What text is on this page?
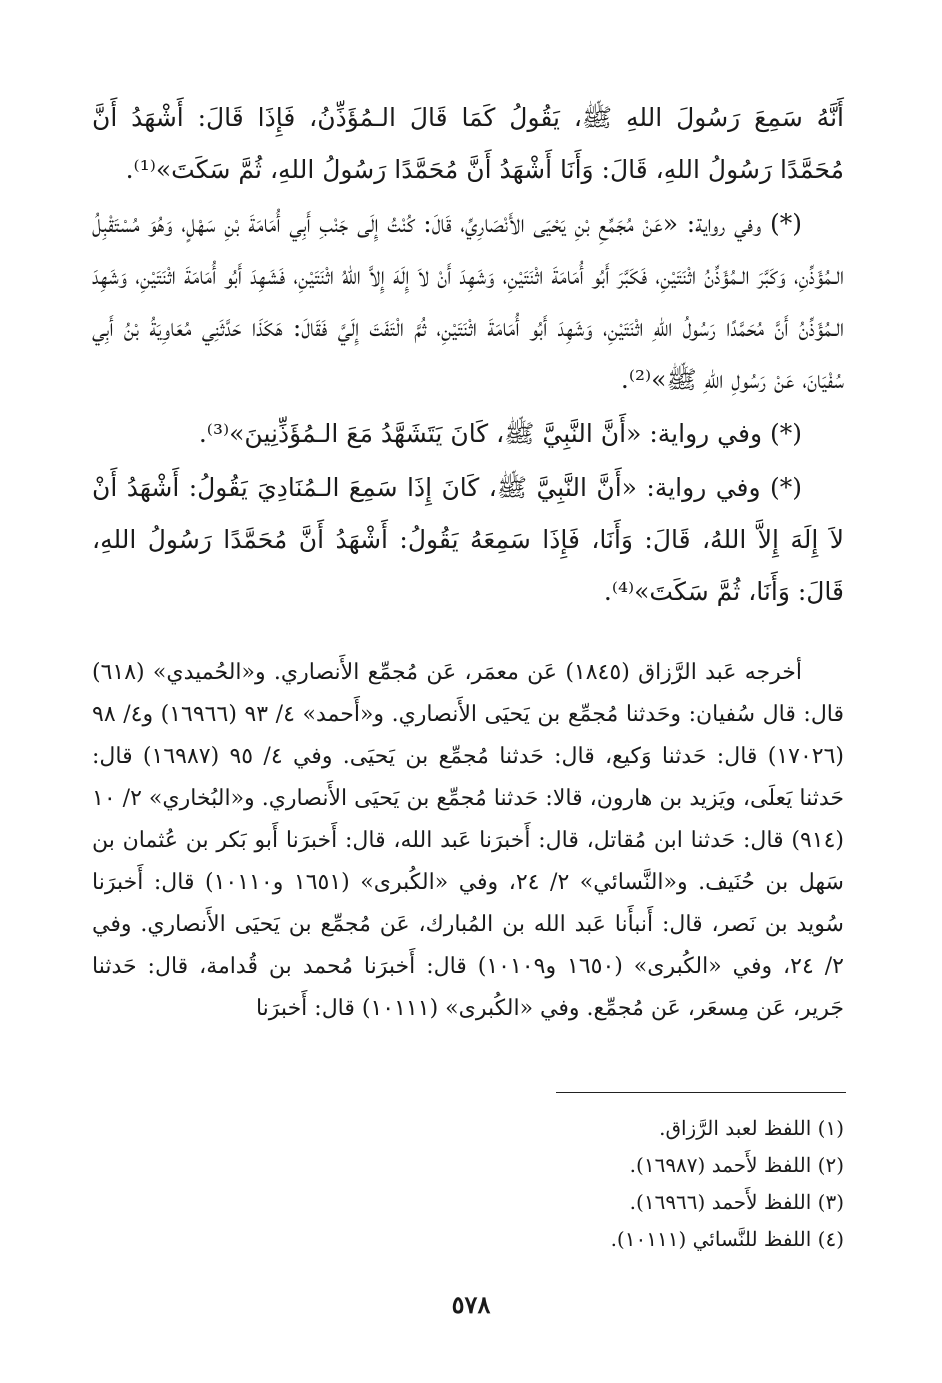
أَنَّهُ سَمِعَ رَسُولَ اللهِ ﷺ، يَقُولُ كَمَا قَالَ الـمُؤَذِّنُ، فَإِذَا قَالَ: أَشْهَدُ أَنَّ مُحَمَّدًا رَسُولُ اللهِ، قَالَ: وَأَنَا أَشْهَدُ أَنَّ مُحَمَّدًا رَسُولُ اللهِ، ثُمَّ سَكَتَ»⁽¹⁾.

(*) وفي رواية: «عَنْ مُجَمِّعِ بْنِ يَحْيَى الأَنْصَارِيِّ، قَالَ: كُنْتُ إِلَى جَنْبِ أَبِي أُمَامَةَ بْنِ سَهْلٍ، وَهُوَ مُسْتَقْبِلُ الـمُؤَذِّنِ، وَكَبَّرَ الـمُؤَذِّنُ اثْنَتَيْنِ، فَكَبَّرَ أَبُو أُمَامَةَ اثْنَتَيْنِ، وَشَهِدَ أَنْ لاَ إِلَهَ إِلاَّ اللهُ اثْنَتَيْنِ، فَشَهِدَ أَبُو أُمَامَةَ اثْنَتَيْنِ، وَشَهِدَ الـمُؤَذِّنُ أَنَّ مُحَمَّدًا رَسُولُ اللهِ اثْنَتَيْنِ، وَشَهِدَ أَبُو أُمَامَةَ اثْنَتَيْنِ، ثُمَّ الْتَفَتَ إِلَيَّ فَقَالَ: هَكَذَا حَدَّثَنِي مُعَاوِيَةُ بْنُ أَبِي سُفْيَانَ، عَنْ رَسُولِ اللهِ ﷺ»⁽²⁾.

(*) وفي رواية: «أَنَّ النَّبِيَّ ﷺ، كَانَ يَتَشَهَّدُ مَعَ الـمُؤَذِّنِينَ»⁽³⁾.

(*) وفي رواية: «أَنَّ النَّبِيَّ ﷺ، كَانَ إِذَا سَمِعَ الـمُنَادِيَ يَقُولُ: أَشْهَدُ أَنْ لاَ إِلَهَ إِلاَّ اللهُ، قَالَ: وَأَنَا، فَإِذَا سَمِعَهُ يَقُولُ: أَشْهَدُ أَنَّ مُحَمَّدًا رَسُولُ اللهِ، قَالَ: وَأَنَا، ثُمَّ سَكَتَ»⁽⁴⁾.

أخرجه عَبد الرَّزاق (١٨٤٥) عَن معمَر، عَن مُجمِّع الأَنصاري. و«الحُميدي» (٦١٨) قال: قال سُفيان: وحَدثنا مُجمِّع بن يَحيَى الأَنصاري. و«أَحمد» ٤/ ٩٣ (١٦٩٦٦) و٤/ ٩٨ (١٧٠٢٦) قال: حَدثنا وَكيع، قال: حَدثنا مُجمِّع بن يَحيَى. وفي ٤/ ٩٥ (١٦٩٨٧) قال: حَدثنا يَعلَى، ويَزيد بن هارون، قالا: حَدثنا مُجمِّع بن يَحيَى الأَنصاري. و«البُخاري» ٢/ ١٠ (٩١٤) قال: حَدثنا ابن مُقاتل، قال: أَخبرَنا عَبد الله، قال: أَخبرَنا أَبو بَكر بن عُثمان بن سَهل بن حُنَيف. و«النَّسائي» ٢/ ٢٤، وفي «الكُبرى» (١٦٥١ و١٠١١٠) قال: أَخبرَنا سُويد بن نَصر، قال: أَنبأَنا عَبد الله بن المُبارك، عَن مُجمِّع بن يَحيَى الأَنصاري. وفي ٢/ ٢٤، وفي «الكُبرى» (١٦٥٠ و١٠١٠٩) قال: أَخبرَنا مُحمد بن قُدامة، قال: حَدثنا جَرير، عَن مِسعَر، عَن مُجمِّع. وفي «الكُبرى» (١٠١١١) قال: أَخبرَنا

(١) اللفظ لعبد الرَّزاق.
(٢) اللفظ لأَحمد (١٦٩٨٧).
(٣) اللفظ لأَحمد (١٦٩٦٦).
(٤) اللفظ للنَّسائي (١٠١١١).
٥٧٨
